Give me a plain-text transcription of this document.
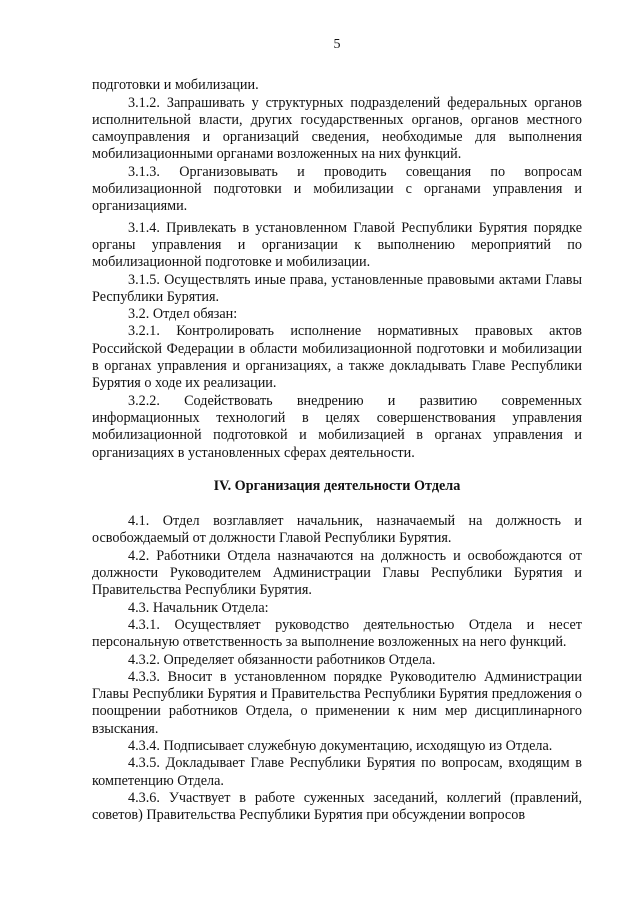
5

подготовки и мобилизации.

3.1.2. Запрашивать у структурных подразделений федеральных органов исполнительной власти, других государственных органов, органов местного самоуправления и организаций сведения, необходимые для выполнения мобилизационными органами возложенных на них функций.

3.1.3. Организовывать и проводить совещания по вопросам мобилизационной подготовки и мобилизации с органами управления и организациями.

3.1.4. Привлекать в установленном Главой Республики Бурятия порядке органы управления и организации к выполнению мероприятий по мобилизационной подготовке и мобилизации.

3.1.5. Осуществлять иные права, установленные правовыми актами Главы Республики Бурятия.

3.2. Отдел обязан:

3.2.1. Контролировать исполнение нормативных правовых актов Российской Федерации в области мобилизационной подготовки и мобилизации в органах управления и организациях, а также докладывать Главе Республики Бурятия о ходе их реализации.

3.2.2. Содействовать внедрению и развитию современных информационных технологий в целях совершенствования управления мобилизационной подготовкой и мобилизацией в органах управления и организациях в установленных сферах деятельности.

IV. Организация деятельности Отдела

4.1. Отдел возглавляет начальник, назначаемый на должность и освобождаемый от должности Главой Республики Бурятия.

4.2. Работники Отдела назначаются на должность и освобождаются от должности Руководителем Администрации Главы Республики Бурятия и Правительства Республики Бурятия.

4.3. Начальник Отдела:

4.3.1. Осуществляет руководство деятельностью Отдела и несет персональную ответственность за выполнение возложенных на него функций.

4.3.2. Определяет обязанности работников Отдела.

4.3.3. Вносит в установленном порядке Руководителю Администрации Главы Республики Бурятия и Правительства Республики Бурятия предложения о поощрении работников Отдела, о применении к ним мер дисциплинарного взыскания.

4.3.4. Подписывает служебную документацию, исходящую из Отдела.

4.3.5. Докладывает Главе Республики Бурятия по вопросам, входящим в компетенцию Отдела.

4.3.6. Участвует в работе суженных заседаний, коллегий (правлений, советов) Правительства Республики Бурятия при обсуждении вопросов
